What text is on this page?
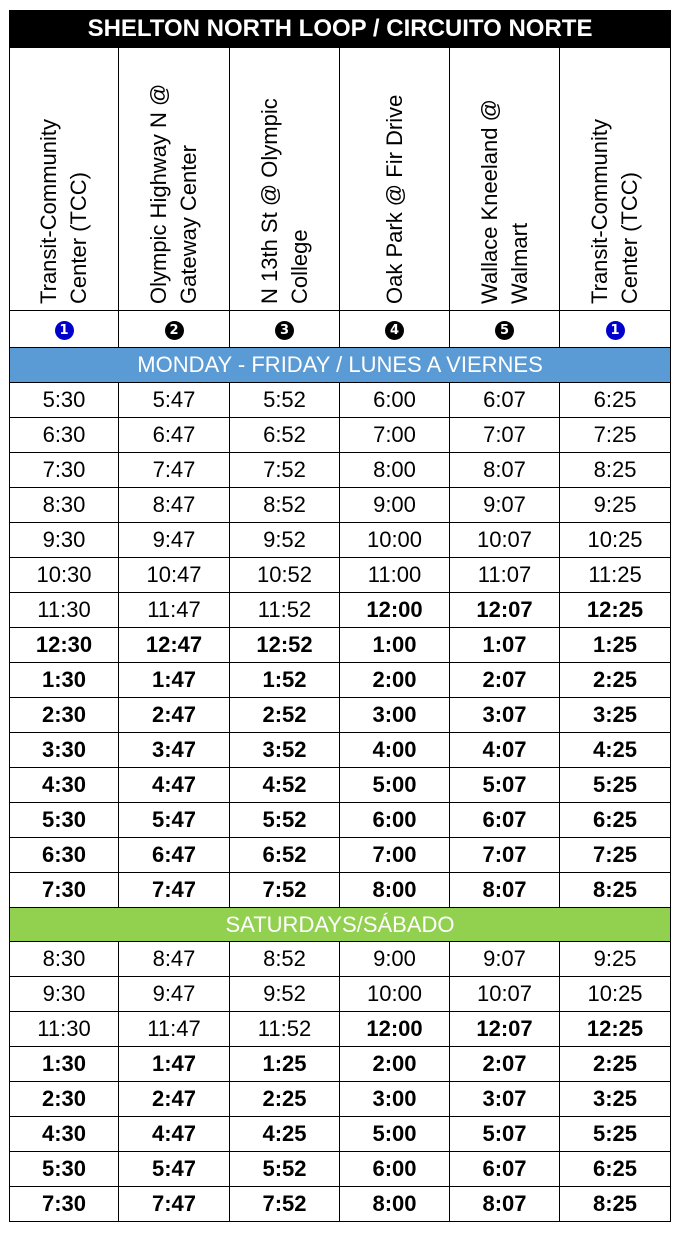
SHELTON NORTH LOOP / CIRCUITO NORTE					

Transit-Community Center (TCC)	Olympic Highway N @ Gateway Center	N 13th St @ Olympic College	Oak Park @ Fir Drive	Wallace Kneeland @ Walmart	Transit-Community Center (TCC)

1	2	3	4	5	1
MONDAY - FRIDAY / LUNES A VIERNES					
5:30	5:47	5:52	6:00	6:07	6:25
6:30	6:47	6:52	7:00	7:07	7:25
7:30	7:47	7:52	8:00	8:07	8:25
8:30	8:47	8:52	9:00	9:07	9:25
9:30	9:47	9:52	10:00	10:07	10:25
10:30	10:47	10:52	11:00	11:07	11:25
11:30	11:47	11:52	12:00	12:07	12:25
12:30	12:47	12:52	1:00	1:07	1:25
1:30	1:47	1:52	2:00	2:07	2:25
2:30	2:47	2:52	3:00	3:07	3:25
3:30	3:47	3:52	4:00	4:07	4:25
4:30	4:47	4:52	5:00	5:07	5:25
5:30	5:47	5:52	6:00	6:07	6:25
6:30	6:47	6:52	7:00	7:07	7:25
7:30	7:47	7:52	8:00	8:07	8:25
SATURDAYS/SÁBADO					
8:30	8:47	8:52	9:00	9:07	9:25
9:30	9:47	9:52	10:00	10:07	10:25
11:30	11:47	11:52	12:00	12:07	12:25
1:30	1:47	1:25	2:00	2:07	2:25
2:30	2:47	2:25	3:00	3:07	3:25
4:30	4:47	4:25	5:00	5:07	5:25
5:30	5:47	5:52	6:00	6:07	6:25
7:30	7:47	7:52	8:00	8:07	8:25
